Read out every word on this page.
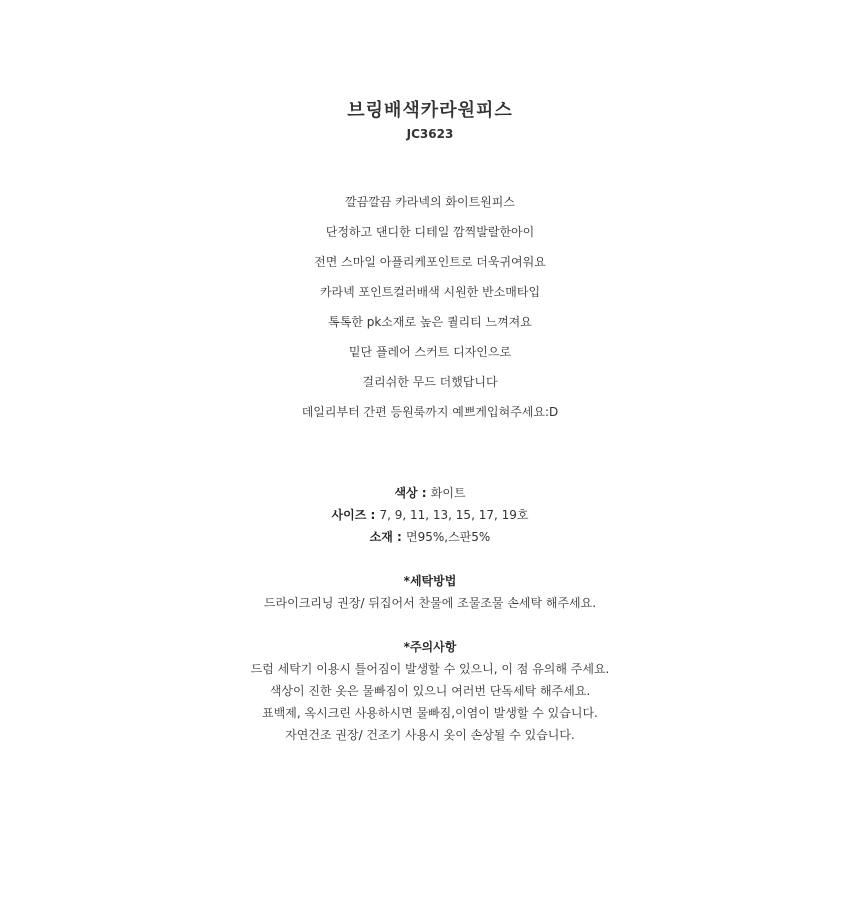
브링배색카라원피스
JC3623
깔끔깔끔 카라넥의 화이트원피스
단정하고 댄디한 디테일 깜찍발랄한아이
전면 스마일 아플리케포인트로 더욱귀여워요
카라넥 포인트컬러배색 시원한 반소매타입
톡톡한 pk소재로 높은 퀄리티 느껴져요
밑단 플레어 스커트 디자인으로
걸리쉬한 무드 더했답니다
데일리부터 간편 등원룩까지 예쁘게입혀주세요:D
색상 : 화이트
사이즈 : 7, 9, 11, 13, 15, 17, 19호
소재 : 면95%,스판5%
*세탁방법

드라이크리닝 권장/ 뒤집어서 찬물에 조물조물 손세탁 해주세요.

*주의사항

드럼 세탁기 이용시 틀어짐이 발생할 수 있으니, 이 점 유의해 주세요.

색상이 진한 옷은 물빠짐이 있으니 여러번 단독세탁 해주세요.

표백제, 옥시크린 사용하시면 물빠짐,이염이 발생할 수 있습니다.

자연건조 권장/ 건조기 사용시 옷이 손상될 수 있습니다.
